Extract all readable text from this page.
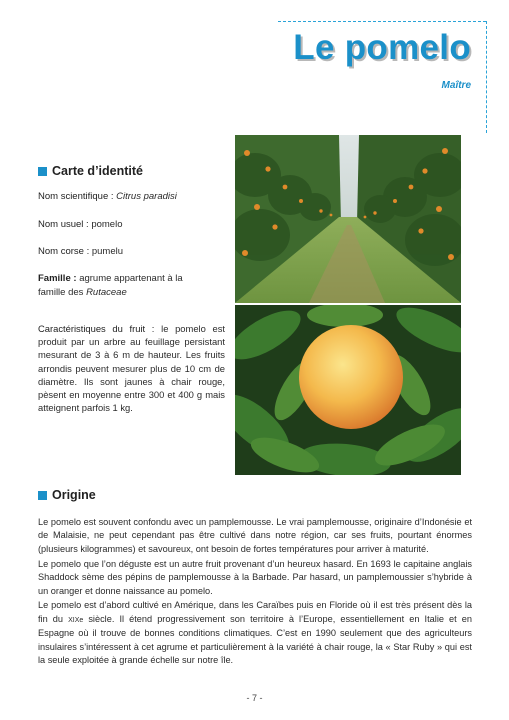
Le pomelo
Maître
Carte d’identité
Nom scientifique : Citrus paradisi
Nom usuel : pomelo
Nom corse : pumelu
Famille : agrume appartenant à la famille des Rutaceae
Caractéristiques du fruit : le pomelo est produit par un arbre au feuillage persistant mesurant de 3 à 6 m de hauteur. Les fruits arrondis peuvent mesurer plus de 10 cm de diamètre. Ils sont jaunes à chair rouge, pèsent en moyenne entre 300 et 400 g mais atteignent parfois 1 kg.
Origine

Le pomelo est souvent confondu avec un pamplemousse. Le vrai pamplemousse, originaire d’Indonésie et de Malaisie, ne peut cependant pas être cultivé dans notre région, car ses fruits, pourtant énormes (plusieurs kilogrammes) et savoureux, ont besoin de fortes températures pour arriver à maturité.

Le pomelo que l’on déguste est un autre fruit provenant d’un heureux hasard. En 1693 le capitaine anglais Shaddock sème des pépins de pamplemousse à la Barbade. Par hasard, un pamplemoussier s’hybride à un oranger et donne naissance au pomelo.

Le pomelo est d’abord cultivé en Amérique, dans les Caraïbes puis en Floride où il est très présent dès la fin du XIXe siècle. Il étend progressivement son territoire à l’Europe, essentiellement en Italie et en Espagne où il trouve de bonnes conditions climatiques. C’est en 1990 seulement que des agriculteurs insulaires s’intéressent à cet agrume et particulièrement à la variété à chair rouge, la « Star Ruby » qui est la seule exploitée à grande échelle sur notre île.

- 7 -
